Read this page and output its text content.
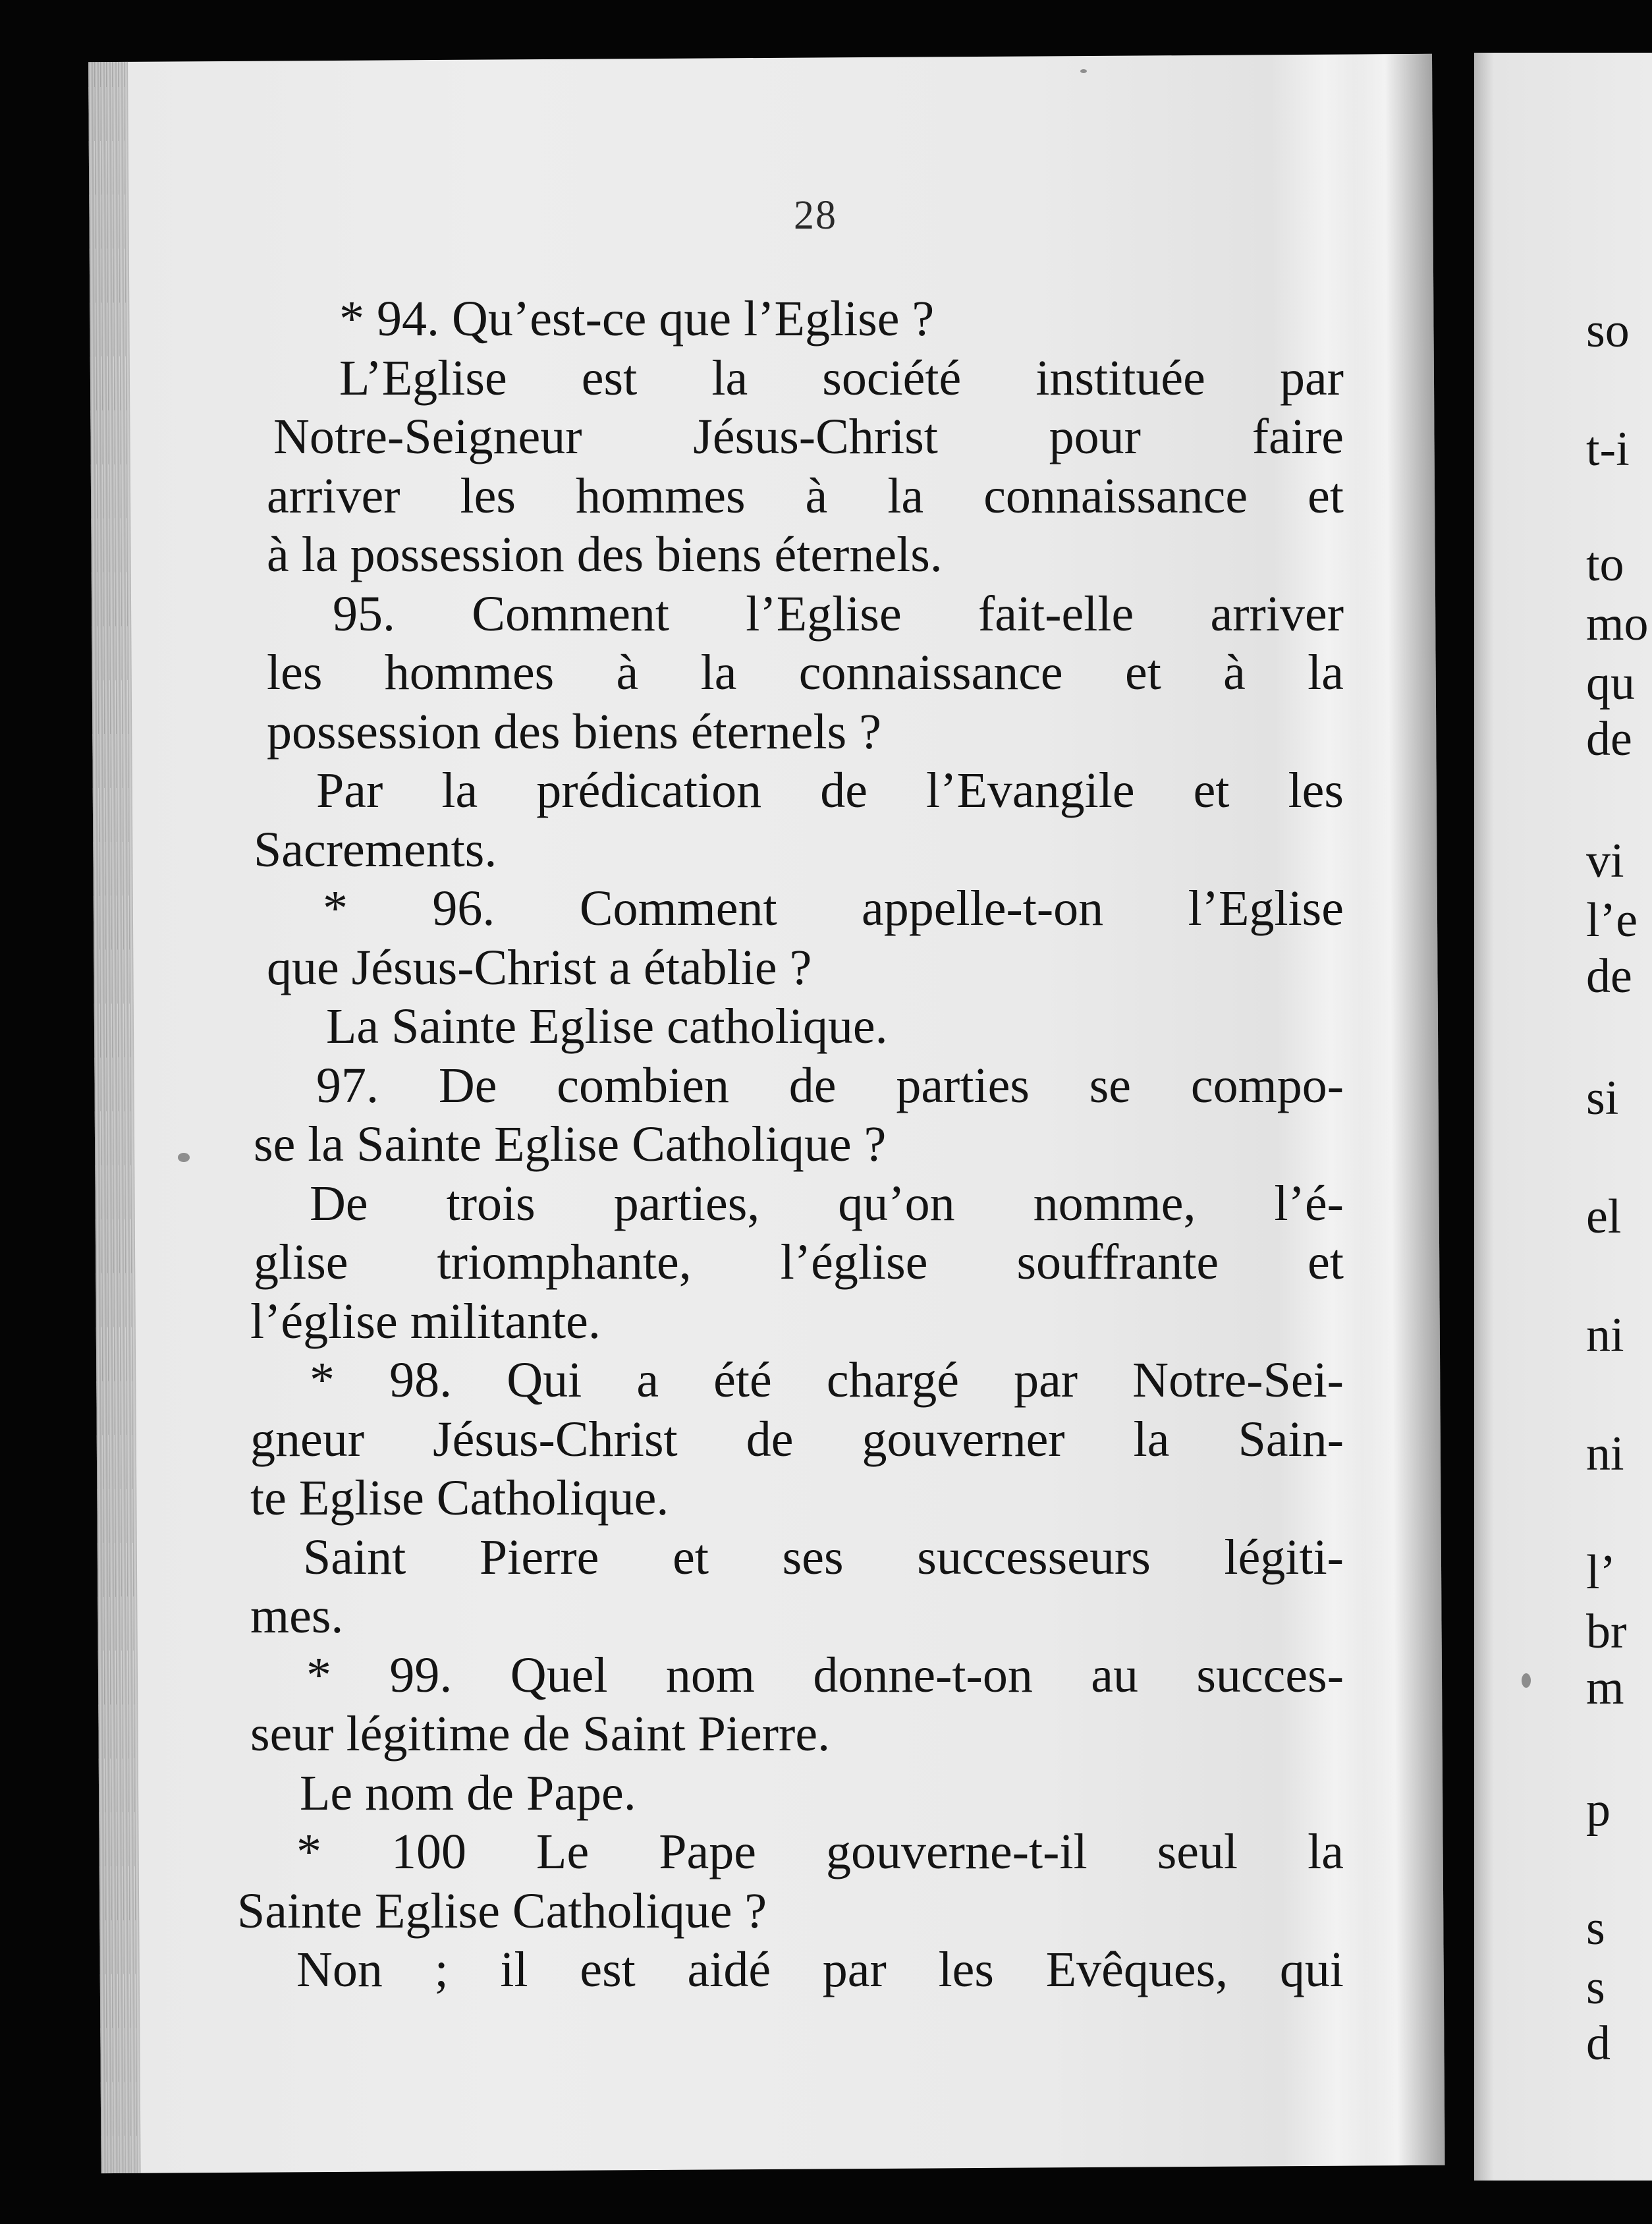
28
* 94. Qu’est-ce que l’Eglise ?
L’Eglise est la société instituée par
Notre-Seigneur Jésus-Christ pour faire
arriver les hommes à la connaissance et
à la possession des biens éternels.
95. Comment l’Eglise fait-elle arriver
les hommes à la connaissance et à la
possession des biens éternels ?
Par la prédication de l’Evangile et les
Sacrements.
* 96. Comment appelle-t-on l’Eglise
que Jésus-Christ a établie ?
La Sainte Eglise catholique.
97. De combien de parties se compo-
se la Sainte Eglise Catholique ?
De trois parties, qu’on nomme, l’é-
glise triomphante, l’église souffrante et
l’église militante.
* 98. Qui a été chargé par Notre-Sei-
gneur Jésus-Christ de gouverner la Sain-
te Eglise Catholique.
Saint Pierre et ses successeurs légiti-
mes.
* 99. Quel nom donne-t-on au succes-
seur légitime de Saint Pierre.
Le nom de Pape.
* 100 Le Pape gouverne-t-il seul la
Sainte Eglise Catholique ?
Non ; il est aidé par les Evêques, qui
so
t-i
to
mo
qu
de
vi
l’e
de
si
el
ni
ni
l’
br
m
p
s
s
d
